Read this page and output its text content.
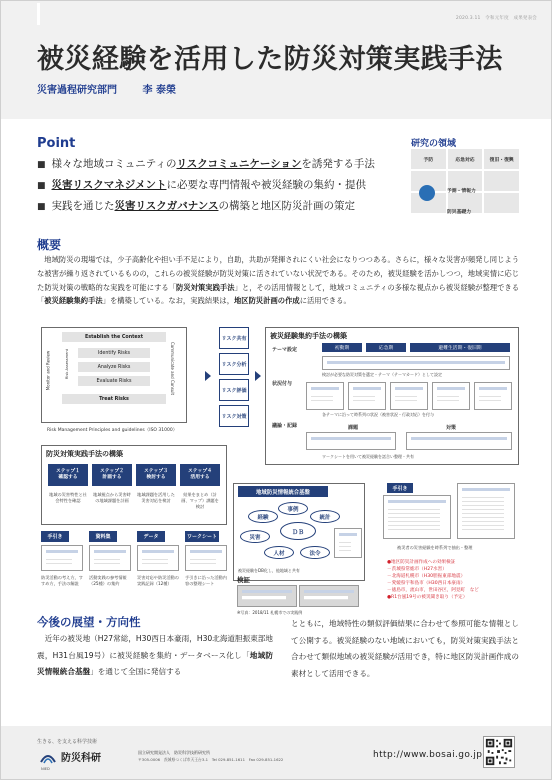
2020.3.11　令和元年度　成果発表会
被災経験を活用した防災対策実践手法
災害過程研究部門	李 泰榮
Point
■ 様々な地域コミュニティのリスクコミュニケーションを誘発する手法
■ 災害リスクマネジメントに必要な専門情報や被災経験の集約・提供
■ 実践を通じた災害リスクガバナンスの構築と地区防災計画の策定
研究の領域
予防	応急対応	復旧・復興
予測・情報力
防災基礎力
概要

地域防災の現場では，少子高齢化や担い手不足により，自助，共助が発揮されにくい社会になりつつある。さらに，様々な災害が頻発し同じような被害が繰り返されているものの，これらの被災経験が防災対策に活されていない状況である。そのため，被災経験を活かしつつ，地域実情に応じた防災対策の戦略的な実践を可能にする「防災対策実践手法」と，その活用情報として，地域コミュニティの多様な視点から被災経験が整理できる「被災経験集約手法」を構築している。なお，実践結果は，地区防災計画の作成に活用できる。

Establish the Context
Identify Risks
Analyze Risks
Evaluate Risks
Treat Risks
Monitor and Review	Risk Assessment	Communicate and Consult
Risk Management Principles and guidelines（ISO 31000）
リスク共有
リスク分析
リスク評価
リスク対策
被災経験集約手法の構築
テーマ設定	初動期	応急期	避難生活期・復旧期
検討が必要な防災対策を選定・テーマ（テーマカード）として設定
状況付与
各テーマに沿って時系列の状況（被害状況・行政対応）を付与
議論・記録	課題	対策
ワークシートを用いて被災経験を話合い整理・共有
防災対策実践手法の構築
ステップ１
確認する
ステップ２
計画する
ステップ３
検討する
ステップ４
活用する
地域の災害特性と社会特性を確認
地域視点から災害時の地域課題を計画
地域課題を活用した災害対応を検討
結果をまとめ（計画、マップ）課題を検討
手引き	資料集	データ	ワークシート
防災活動の考え方，すすめ方，手法の解説
活動実践の参考情報（25種）の集約
災害対応や防災活動の実践記録（12種）
手引きに沿った活動内容の整理シート
地域防災情報統合基盤
経験
事例
統計
災害
ＤＢ
人材	法令
被災経験をDB化し，他地域と共有
手引き
被災者の災害経験を時系列で抽出・整理
検証
※写真：2018/11 札幌市での実践例
●地区防災計画作成への効果検証
－茨城県常総市（H27水害）
－北海道札幌市（H30胆振東部地震）
－愛媛県宇和島市（H30西日本豪雨）
－徳島市，流山市，世田谷区，阿見町　など
●R1台風19号の被災聞き取り（予定）
今後の展望・方向性

近年の被災地（H27常総，H30西日本豪雨，H30北海道胆振東部地震，H31台風19号）に被災経験を集約・データベース化し「地域防災情報統合基盤」を通じて全国に発信する

とともに，地域特性の類似評価結果に合わせて参照可能な情報として公開する。被災経験のない地域においても，防災対策実践手法と合わせて類似地域の被災経験が活用でき，特に地区防災計画作成の素材として活用できる。

生きる、を支える科学技術
防災科研
NIED
国立研究開発法人　防災科学技術研究所
〒305-0006　茨城県つくば市天王台3-1　Tel 029-851-1611　Fax 029-851-1622	http://www.bosai.go.jp
